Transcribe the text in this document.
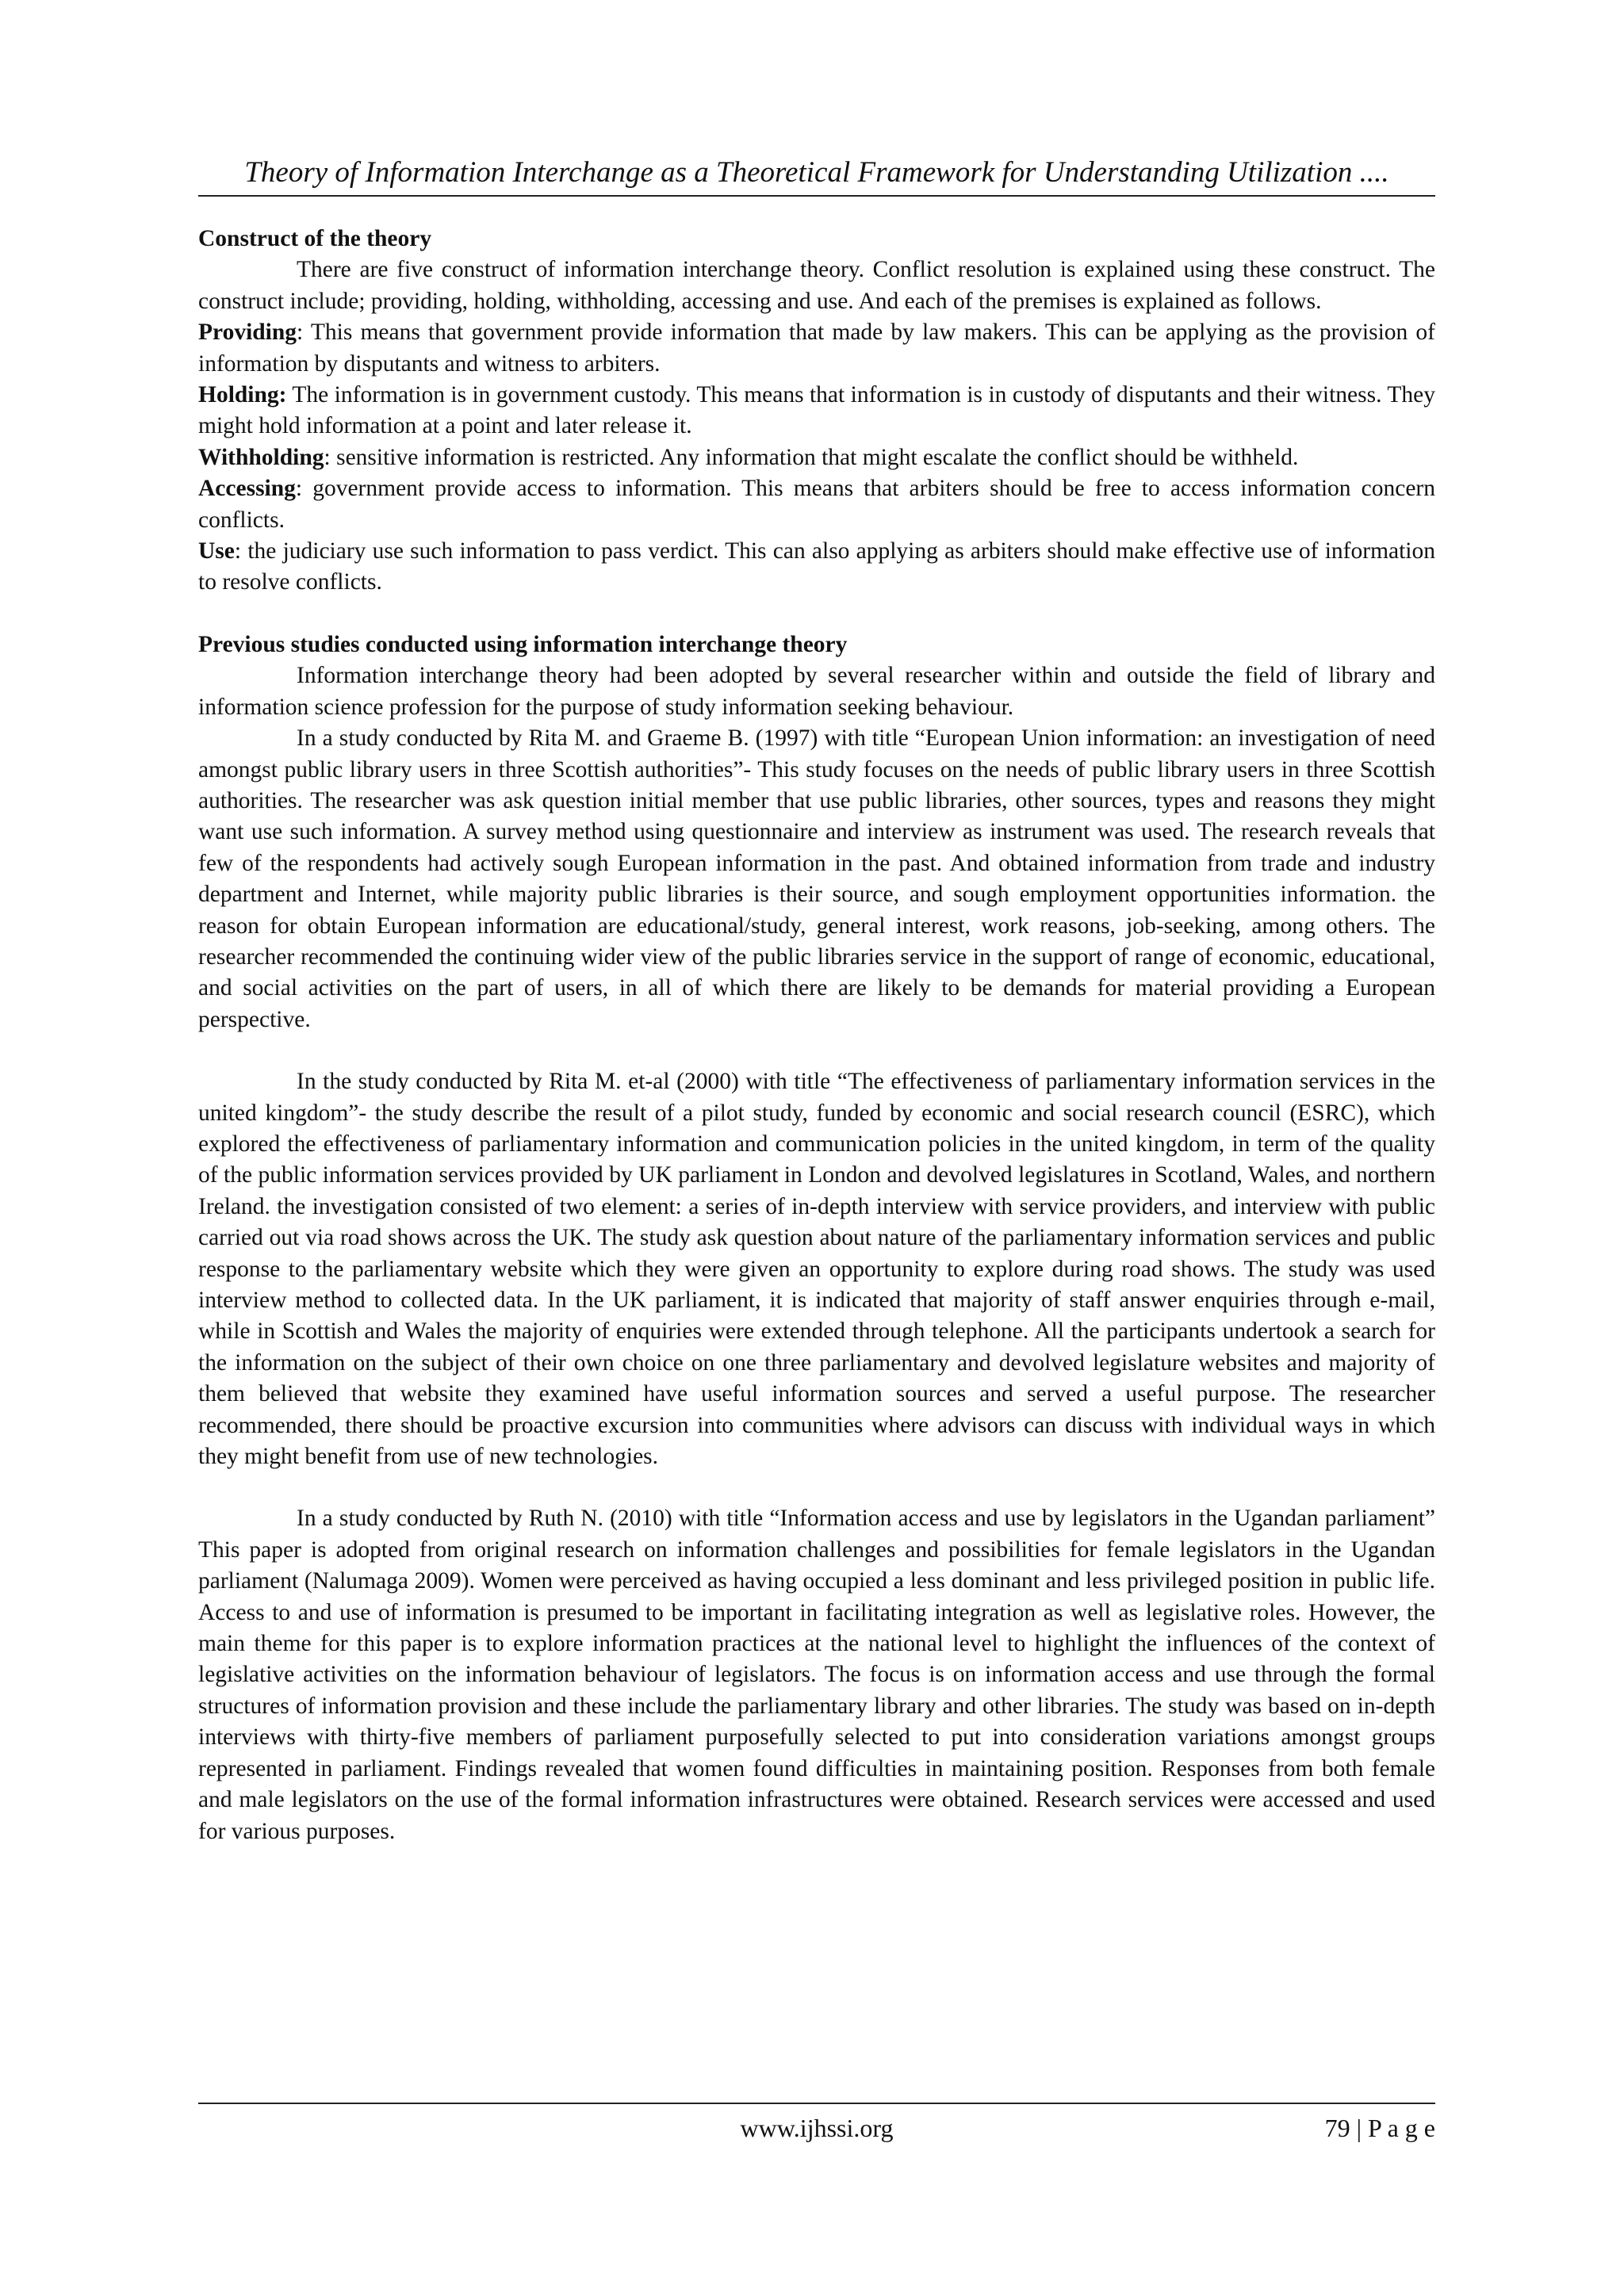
Theory of Information Interchange as a Theoretical Framework for Understanding Utilization ....
Construct of the theory

There are five construct of information interchange theory. Conflict resolution is explained using these construct. The construct include; providing, holding, withholding, accessing and use. And each of the premises is explained as follows.

Providing: This means that government provide information that made by law makers. This can be applying as the provision of information by disputants and witness to arbiters.

Holding: The information is in government custody. This means that information is in custody of disputants and their witness. They might hold information at a point and later release it.

Withholding: sensitive information is restricted. Any information that might escalate the conflict should be withheld.

Accessing: government provide access to information. This means that arbiters should be free to access information concern conflicts.

Use: the judiciary use such information to pass verdict. This can also applying as arbiters should make effective use of information to resolve conflicts.

Previous studies conducted using information interchange theory

Information interchange theory had been adopted by several researcher within and outside the field of library and information science profession for the purpose of study information seeking behaviour.

In a study conducted by Rita M. and Graeme B. (1997) with title “European Union information: an investigation of need amongst public library users in three Scottish authorities”- This study focuses on the needs of public library users in three Scottish authorities. The researcher was ask question initial member that use public libraries, other sources, types and reasons they might want use such information. A survey method using questionnaire and interview as instrument was used. The research reveals that few of the respondents had actively sough European information in the past. And obtained information from trade and industry department and Internet, while majority public libraries is their source, and sough employment opportunities information. the reason for obtain European information are educational/study, general interest, work reasons, job-seeking, among others. The researcher recommended the continuing wider view of the public libraries service in the support of range of economic, educational, and social activities on the part of users, in all of which there are likely to be demands for material providing a European perspective.

In the study conducted by Rita M. et-al (2000) with title “The effectiveness of parliamentary information services in the united kingdom”- the study describe the result of a pilot study, funded by economic and social research council (ESRC), which explored the effectiveness of parliamentary information and communication policies in the united kingdom, in term of the quality of the public information services provided by UK parliament in London and devolved legislatures in Scotland, Wales, and northern Ireland. the investigation consisted of two element: a series of in-depth interview with service providers, and interview with public carried out via road shows across the UK. The study ask question about nature of the parliamentary information services and public response to the parliamentary website which they were given an opportunity to explore during road shows. The study was used interview method to collected data. In the UK parliament, it is indicated that majority of staff answer enquiries through e-mail, while in Scottish and Wales the majority of enquiries were extended through telephone. All the participants undertook a search for the information on the subject of their own choice on one three parliamentary and devolved legislature websites and majority of them believed that website they examined have useful information sources and served a useful purpose. The researcher recommended, there should be proactive excursion into communities where advisors can discuss with individual ways in which they might benefit from use of new technologies.

In a study conducted by Ruth N. (2010) with title “Information access and use by legislators in the Ugandan parliament” This paper is adopted from original research on information challenges and possibilities for female legislators in the Ugandan parliament (Nalumaga 2009). Women were perceived as having occupied a less dominant and less privileged position in public life. Access to and use of information is presumed to be important in facilitating integration as well as legislative roles. However, the main theme for this paper is to explore information practices at the national level to highlight the influences of the context of legislative activities on the information behaviour of legislators. The focus is on information access and use through the formal structures of information provision and these include the parliamentary library and other libraries. The study was based on in-depth interviews with thirty-five members of parliament purposefully selected to put into consideration variations amongst groups represented in parliament. Findings revealed that women found difficulties in maintaining position. Responses from both female and male legislators on the use of the formal information infrastructures were obtained. Research services were accessed and used for various purposes.

www.ijhssi.org	79 | P a g e
